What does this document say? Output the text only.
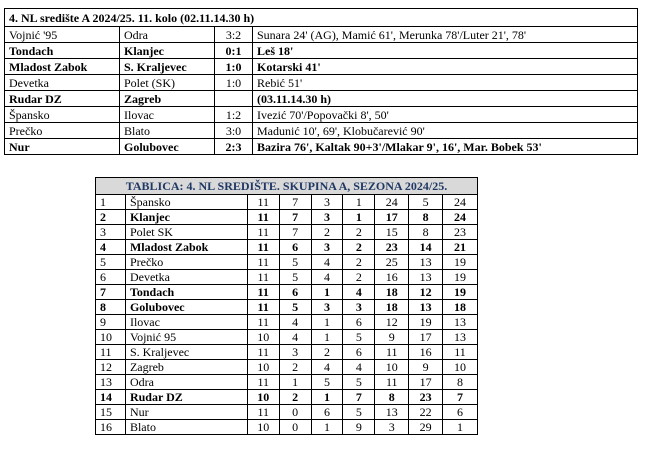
4. NL središte A 2024/25. 11. kolo (02.11.14.30 h)			
Vojnić '95	Odra	3:2	Sunara 24' (AG), Mamić 61', Merunka 78'/Luter 21', 78'
Tondach	Klanjec	0:1	Leš 18'
Mladost Zabok	S. Kraljevec	1:0	Kotarski 41'
Devetka	Polet (SK)	1:0	Rebić 51'
Rudar DZ	Zagreb		(03.11.14.30 h)
Špansko	Ilovac	1:2	Ivezić 70'/Popovački 8', 50'
Prečko	Blato	3:0	Madunić 10', 69', Klobučarević 90'
Nur	Golubovec	2:3	Bazira 76', Kaltak 90+3'/Mlakar 9', 16', Mar. Bobek 53'
TABLICA: 4. NL SREDIŠTE. SKUPINA A, SEZONA 2024/25.								
1	Špansko	11	7	3	1	24	5	24
2	Klanjec	11	7	3	1	17	8	24
3	Polet SK	11	7	2	2	15	8	23
4	Mladost Zabok	11	6	3	2	23	14	21
5	Prečko	11	5	4	2	25	13	19
6	Devetka	11	5	4	2	16	13	19
7	Tondach	11	6	1	4	18	12	19
8	Golubovec	11	5	3	3	18	13	18
9	Ilovac	11	4	1	6	12	19	13
10	Vojnić 95	10	4	1	5	9	17	13
11	S. Kraljevec	11	3	2	6	11	16	11
12	Zagreb	10	2	4	4	10	9	10
13	Odra	11	1	5	5	11	17	8
14	Rudar DZ	10	2	1	7	8	23	7
15	Nur	11	0	6	5	13	22	6
16	Blato	10	0	1	9	3	29	1
